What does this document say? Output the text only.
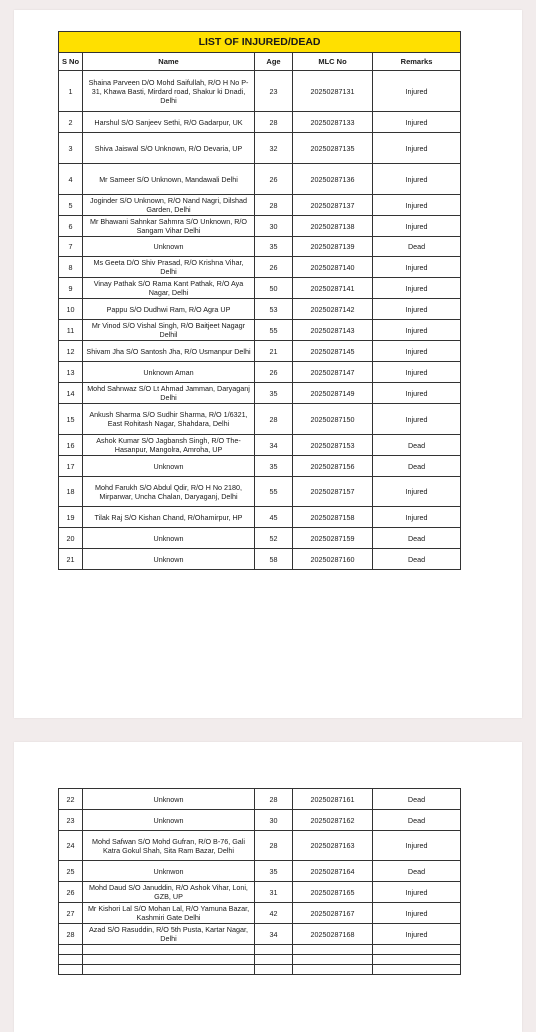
LIST OF INJURED/DEAD				
S No	Name	Age	MLC No	Remarks
1	Shaina Parveen D/O Mohd Saifullah, R/O H No P-31, Khawa Basti, Mirdard road, Shakur ki Dnadi, Delhi	23	20250287131	Injured
2	Harshul S/O Sanjeev Sethi, R/O Gadarpur, UK	28	20250287133	Injured
3	Shiva Jaiswal S/O Unknown, R/O Devaria, UP	32	20250287135	Injured
4	Mr Sameer S/O Unknown, Mandawali Delhi	26	20250287136	Injured
5	Joginder S/O Unknown, R/O Nand Nagri, Dilshad Garden, Delhi	28	20250287137	Injured
6	Mr Bhawani Sahnkar Sahmra S/O Unknown, R/O Sangam Vihar Delhi	30	20250287138	Injured
7	Unknown	35	20250287139	Dead
8	Ms Geeta D/O Shiv Prasad, R/O Krishna Vihar, Delhi	26	20250287140	Injured
9	Vinay Pathak S/O Rama Kant Pathak, R/O Aya Nagar, Delhi	50	20250287141	Injured
10	Pappu S/O Dudhwi Ram, R/O Agra UP	53	20250287142	Injured
11	Mr Vinod S/O Vishal Singh, R/O Baitjeet Nagagr Delhil	55	20250287143	Injured
12	Shivam Jha S/O Santosh Jha, R/O Usmanpur Delhi	21	20250287145	Injured
13	Unknown Aman	26	20250287147	Injured
14	Mohd Sahnwaz S/O Lt Ahmad Jamman, Daryaganj Delhi	35	20250287149	Injured
15	Ankush Sharma S/O Sudhir Sharma, R/O 1/6321, East Rohitash Nagar, Shahdara, Delhi	28	20250287150	Injured
16	Ashok Kumar S/O Jagbansh Singh, R/O The-Hasanpur, Mangolra, Amroha, UP	34	20250287153	Dead
17	Unknown	35	20250287156	Dead
18	Mohd Farukh S/O Abdul Qdir, R/O H No 2180, Mirparwar, Uncha Chalan, Daryaganj, Delhi	55	20250287157	Injured
19	Tilak Raj S/O Kishan Chand, R/Ohamirpur, HP	45	20250287158	Injured
20	Unknown	52	20250287159	Dead
21	Unknown	58	20250287160	Dead
22	Unknown	28	20250287161	Dead
23	Unknown	30	20250287162	Dead
24	Mohd Safwan S/O Mohd Gufran, R/O B-76, Gali Katra Gokul Shah, Sita Ram Bazar, Delhi	28	20250287163	Injured
25	Unknwon	35	20250287164	Dead
26	Mohd Daud S/O Januddin, R/O Ashok Vihar, Loni, GZB, UP	31	20250287165	Injured
27	Mr Kishori Lal S/O Mohan Lal, R/O Yamuna Bazar, Kashmiri Gate Delhi	42	20250287167	Injured
28	Azad S/O Rasuddin, R/O 5th Pusta, Kartar Nagar, Delhi	34	20250287168	Injured
